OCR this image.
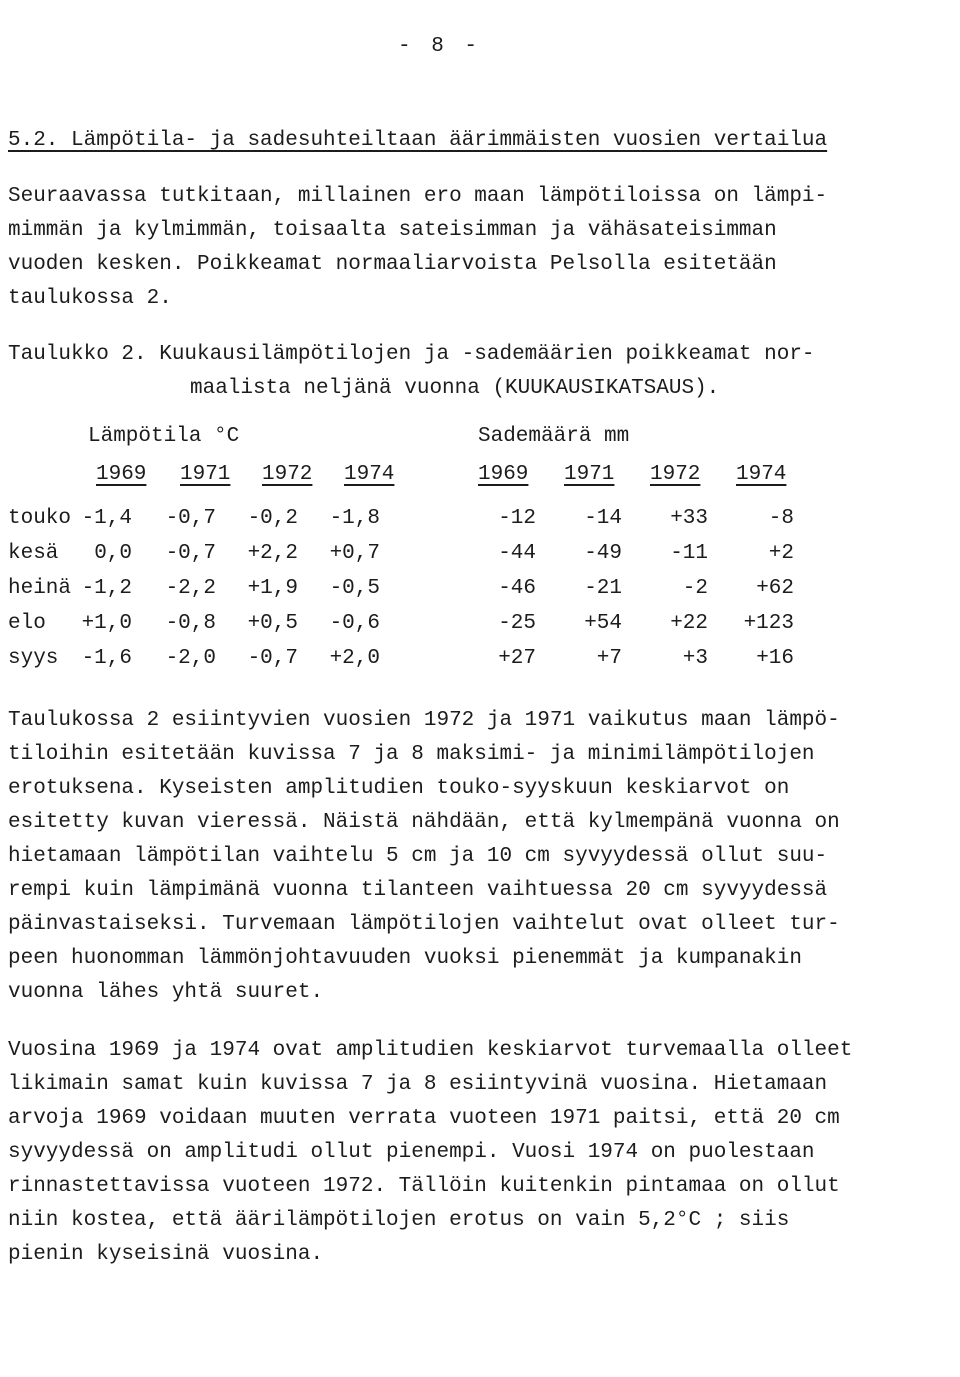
- 8 -
5.2. Lämpötila- ja sadesuhteiltaan äärimmäisten vuosien vertailua
Seuraavassa tutkitaan, millainen ero maan lämpötiloissa on lämpi-
mimmän ja kylmimmän, toisaalta sateisimman ja vähäsateisimman
vuoden kesken. Poikkeamat normaaliarvoista Pelsolla esitetään
taulukossa 2.
Taulukko 2. Kuukausilämpötilojen ja -sademäärien poikkeamat nor-
maalista neljänä vuonna (KUUKAUSIKATSAUS).
Lämpötila °C	Sademäärä mm
1969 1971 1972 1974	1969 1971 1972 1974
touko -1,4	-0,7	-0,2	-1,8	-12	-14	+33	-8
kesä	0,0	-0,7	+2,2	+0,7	-44	-49	-11	+2
heinä -1,2	-2,2	+1,9	-0,5	-46	-21	-2	+62
elo	+1,0	-0,8	+0,5	-0,6	-25	+54	+22	+123
syys	-1,6	-2,0	-0,7	+2,0	+27	+7	+3	+16
Taulukossa 2 esiintyvien vuosien 1972 ja 1971 vaikutus maan lämpö-
tiloihin esitetään kuvissa 7 ja 8 maksimi- ja minimilämpötilojen
erotuksena. Kyseisten amplitudien touko-syyskuun keskiarvot on
esitetty kuvan vieressä. Näistä nähdään, että kylmempänä vuonna on
hietamaan lämpötilan vaihtelu 5 cm ja 10 cm syvyydessä ollut suu-
rempi kuin lämpimänä vuonna tilanteen vaihtuessa 20 cm syvyydessä
päinvastaiseksi. Turvemaan lämpötilojen vaihtelut ovat olleet tur-
peen huonomman lämmönjohtavuuden vuoksi pienemmät ja kumpanakin
vuonna lähes yhtä suuret.
Vuosina 1969 ja 1974 ovat amplitudien keskiarvot turvemaalla olleet
likimain samat kuin kuvissa 7 ja 8 esiintyvinä vuosina. Hietamaan
arvoja 1969 voidaan muuten verrata vuoteen 1971 paitsi, että 20 cm
syvyydessä on amplitudi ollut pienempi. Vuosi 1974 on puolestaan
rinnastettavissa vuoteen 1972. Tällöin kuitenkin pintamaa on ollut
niin kostea, että äärilämpötilojen erotus on vain 5,2°C ; siis
pienin kyseisinä vuosina.
